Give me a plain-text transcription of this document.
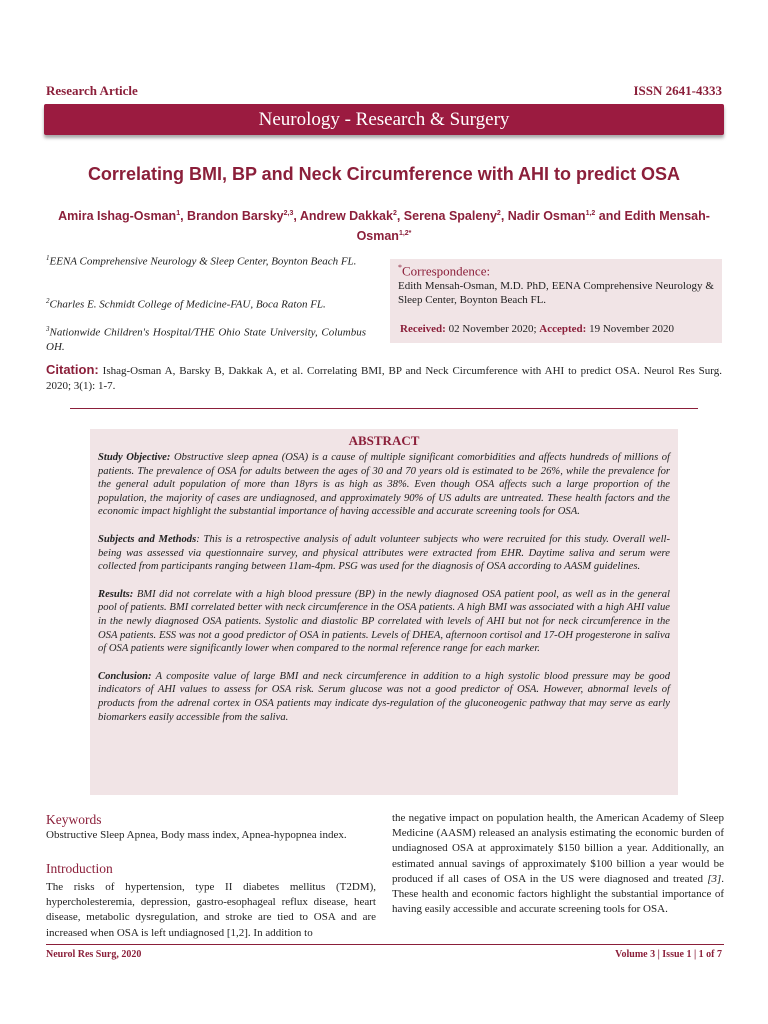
Research Article	ISSN 2641-4333
Neurology - Research & Surgery
Correlating BMI, BP and Neck Circumference with AHI to predict OSA
Amira Ishag-Osman$^1$, Brandon Barsky$^{2,3}$, Andrew Dakkak$^2$, Serena Spaleny$^2$, Nadir Osman$^{1,2}$ and Edith Mensah-Osman$^{1,2*}$
$^1$EENA Comprehensive Neurology & Sleep Center, Boynton Beach FL.
$^2$Charles E. Schmidt College of Medicine-FAU, Boca Raton FL.
$^3$Nationwide Children's Hospital/THE Ohio State University, Columbus OH.
*Correspondence:
Edith Mensah-Osman, M.D. PhD, EENA Comprehensive Neurology & Sleep Center, Boynton Beach FL.
Received: 02 November 2020; Accepted: 19 November 2020
Citation: Ishag-Osman A, Barsky B, Dakkak A, et al. Correlating BMI, BP and Neck Circumference with AHI to predict OSA. Neurol Res Surg. 2020; 3(1): 1-7.
ABSTRACT

Study Objective: Obstructive sleep apnea (OSA) is a cause of multiple significant comorbidities and affects hundreds of millions of patients. The prevalence of OSA for adults between the ages of 30 and 70 years old is estimated to be 26%, while the prevalence for the general adult population of more than 18yrs is as high as 38%. Even though OSA affects such a large proportion of the population, the majority of cases are undiagnosed, and approximately 90% of US adults are untreated. These health factors and the economic impact highlight the substantial importance of having accessible and accurate screening tools for OSA.

Subjects and Methods: This is a retrospective analysis of adult volunteer subjects who were recruited for this study. Overall well-being was assessed via questionnaire survey, and physical attributes were extracted from EHR. Daytime saliva and serum were collected from participants ranging between 11am-4pm. PSG was used for the diagnosis of OSA according to AASM guidelines.

Results: BMI did not correlate with a high blood pressure (BP) in the newly diagnosed OSA patient pool, as well as in the general pool of patients. BMI correlated better with neck circumference in the OSA patients. A high BMI was associated with a high AHI value in the newly diagnosed OSA patients. Systolic and diastolic BP correlated with levels of AHI but not for neck circumference in the OSA patients. ESS was not a good predictor of OSA in patients. Levels of DHEA, afternoon cortisol and 17-OH progesterone in saliva of OSA patients were significantly lower when compared to the normal reference range for each marker.

Conclusion: A composite value of large BMI and neck circumference in addition to a high systolic blood pressure may be good indicators of AHI values to assess for OSA risk. Serum glucose was not a good predictor of OSA. However, abnormal levels of products from the adrenal cortex in OSA patients may indicate dys-regulation of the gluconeogenic pathway that may serve as early biomarkers easily accessible from the saliva.

Keywords
Obstructive Sleep Apnea, Body mass index, Apnea-hypopnea index.
Introduction
The risks of hypertension, type II diabetes mellitus (T2DM), hypercholesteremia, depression, gastro-esophageal reflux disease, heart disease, metabolic dysregulation, and stroke are tied to OSA and are increased when OSA is left undiagnosed [1,2]. In addition to
the negative impact on population health, the American Academy of Sleep Medicine (AASM) released an analysis estimating the economic burden of undiagnosed OSA at approximately $150 billion a year. Additionally, an estimated annual savings of approximately $100 billion a year would be produced if all cases of OSA in the US were diagnosed and treated [3]. These health and economic factors highlight the substantial importance of having easily accessible and accurate screening tools for OSA.
Neurol Res Surg, 2020	Volume 3 | Issue 1 | 1 of 7
